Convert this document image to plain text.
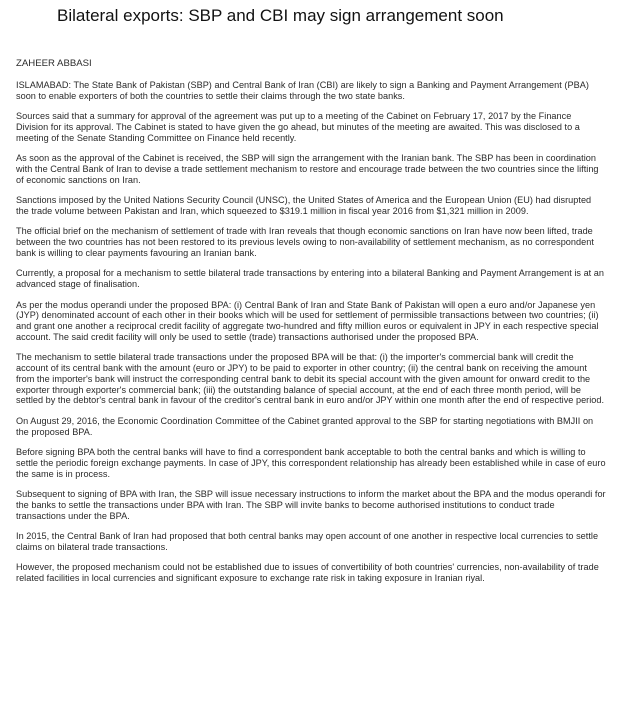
Bilateral exports: SBP and CBI may sign arrangement soon
ZAHEER ABBASI

ISLAMABAD: The State Bank of Pakistan (SBP) and Central Bank of Iran (CBI) are likely to sign a Banking and Payment Arrangement (PBA) soon to enable exporters of both the countries to settle their claims through the two state banks.

Sources said that a summary for approval of the agreement was put up to a meeting of the Cabinet on February 17, 2017 by the Finance Division for its approval. The Cabinet is stated to have given the go ahead, but minutes of the meeting are awaited. This was disclosed to a meeting of the Senate Standing Committee on Finance held recently.

As soon as the approval of the Cabinet is received, the SBP will sign the arrangement with the Iranian bank. The SBP has been in coordination with the Central Bank of Iran to devise a trade settlement mechanism to restore and encourage trade between the two countries since the lifting of economic sanctions on Iran.

Sanctions imposed by the United Nations Security Council (UNSC), the United States of America and the European Union (EU) had disrupted the trade volume between Pakistan and Iran, which squeezed to $319.1 million in fiscal year 2016 from $1,321 million in 2009.

The official brief on the mechanism of settlement of trade with Iran reveals that though economic sanctions on Iran have now been lifted, trade between the two countries has not been restored to its previous levels owing to non-availability of settlement mechanism, as no correspondent bank is willing to clear payments favouring an Iranian bank.

Currently, a proposal for a mechanism to settle bilateral trade transactions by entering into a bilateral Banking and Payment Arrangement is at an advanced stage of finalisation.

As per the modus operandi under the proposed BPA: (i) Central Bank of Iran and State Bank of Pakistan will open a euro and/or Japanese yen (JYP) denominated account of each other in their books which will be used for settlement of permissible transactions between two countries; (ii) and grant one another a reciprocal credit facility of aggregate two-hundred and fifty million euros or equivalent in JPY in each respective special account. The said credit facility will only be used to settle (trade) transactions authorised under the proposed BPA.

The mechanism to settle bilateral trade transactions under the proposed BPA will be that: (i) the importer's commercial bank will credit the account of its central bank with the amount (euro or JPY) to be paid to exporter in other country; (ii) the central bank on receiving the amount from the importer's bank will instruct the corresponding central bank to debit its special account with the given amount for onward credit to the exporter through exporter's commercial bank; (iii) the outstanding balance of special account, at the end of each three month period, will be settled by the debtor's central bank in favour of the creditor's central bank in euro and/or JPY within one month after the end of respective period.

On August 29, 2016, the Economic Coordination Committee of the Cabinet granted approval to the SBP for starting negotiations with BMJII on the proposed BPA.

Before signing BPA both the central banks will have to find a correspondent bank acceptable to both the central banks and which is willing to settle the periodic foreign exchange payments. In case of JPY, this correspondent relationship has already been established while in case of euro the same is in process.

Subsequent to signing of BPA with Iran, the SBP will issue necessary instructions to inform the market about the BPA and the modus operandi for the banks to settle the transactions under BPA with Iran. The SBP will invite banks to become authorised institutions to conduct trade transactions under the BPA.

In 2015, the Central Bank of Iran had proposed that both central banks may open account of one another in respective local currencies to settle claims on bilateral trade transactions.

However, the proposed mechanism could not be established due to issues of convertibility of both countries' currencies, non-availability of trade related facilities in local currencies and significant exposure to exchange rate risk in taking exposure in Iranian riyal.
